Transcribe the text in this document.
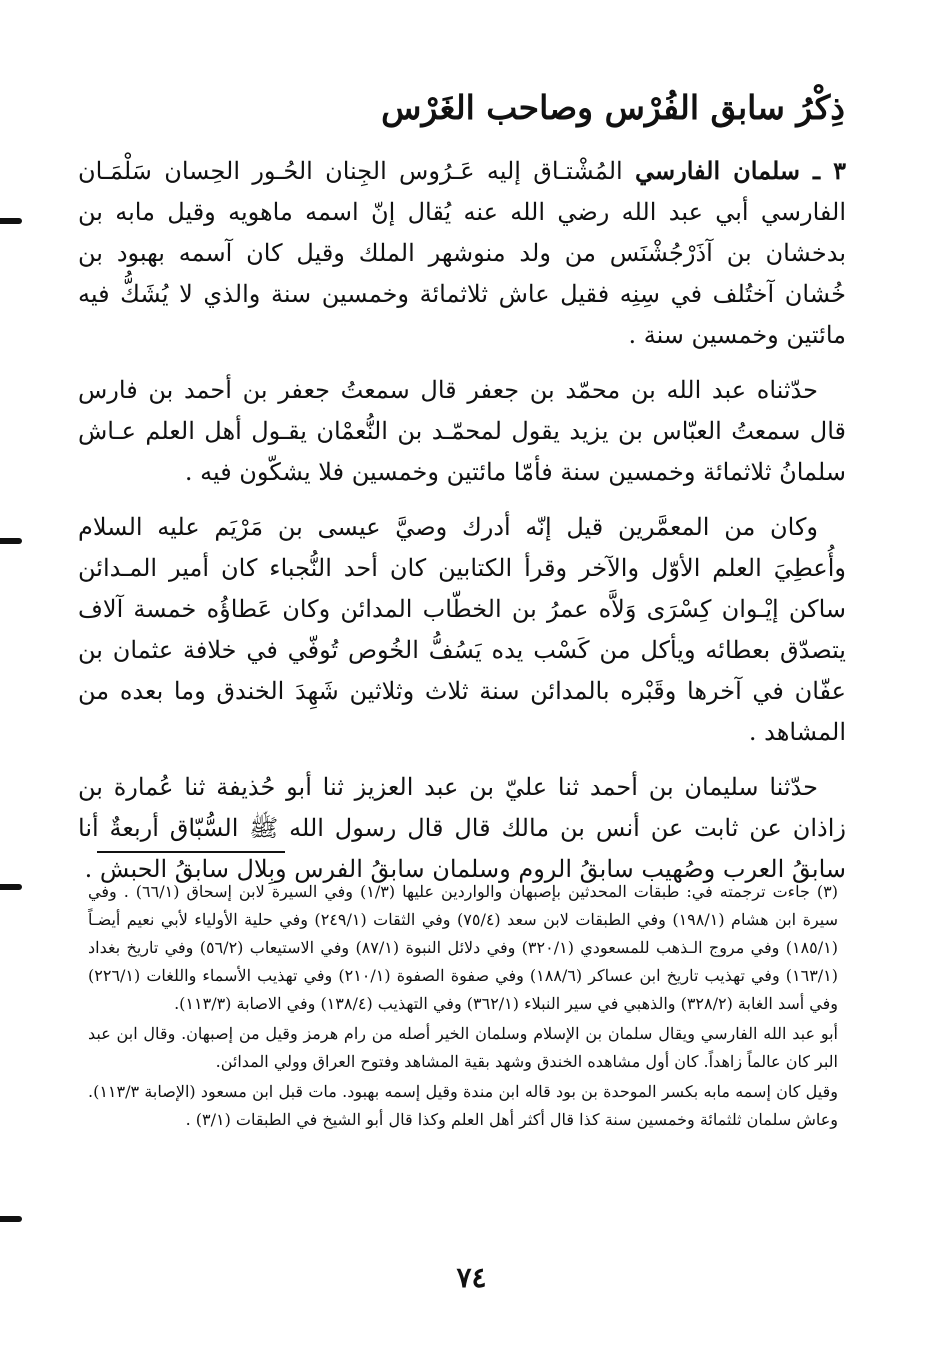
ذِكْرُ سابق الفُرْس وصاحب الغَرْس

٣ ـ سلمان الفارسي المُشْتـاق إليه عَـرُوس الجِنان الحُـور الحِسان سَلْمَـان الفارسي أبي عبد الله رضي الله عنه يُقال إنّ اسمه ماهويه وقيل مابه بن بدخشان بن آذَرْجُشْنَس من ولد منوشهر الملك وقيل كان آسمه بهبود بن خُشان آختُلف في سِنِه فقيل عاش ثلاثمائة وخمسين سنة والذي لا يُشَكُّ فيه مائتين وخمسين سنة .

حدّثناه عبد الله بن محمّد بن جعفر قال سمعتُ جعفر بن أحمد بن فارس قال سمعتُ العبّاس بن يزيد يقول لمحمّـد بن النُّعمْان يقـول أهل العلم عـاش سلمانُ ثلاثمائة وخمسين سنة فأمّا مائتين وخمسين فلا يشكّون فيه .

وكان من المعمَّرين قيل إنّه أدرك وصيَّ عيسى بن مَرْيَم عليه السلام وأُعطِيَ العلم الأوّل والآخر وقرأ الكتابين كان أحد النُّجباء كان أمير المـدائن ساكن إيْـوان كِسْرَى وَلاَّه عمرُ بن الخطّاب المدائن وكان عَطاؤُه خمسة آلاف يتصدّق بعطائه ويأكل من كَسْب يده يَسُفُّ الخُوص تُوفّي في خلافة عثمان بن عفّان في آخرها وقَبْره بالمدائن سنة ثلاث وثلاثين شَهِدَ الخندق وما بعده من المشاهد .

حدّثنا سليمان بن أحمد ثنا عليّ بن عبد العزيز ثنا أبو حُذيفة ثنا عُمارة بن زاذان عن ثابت عن أنس بن مالك قال قال رسول الله ﷺ السُّبّاق أربعةٌ أنا سابقُ العرب وصُهيب سابقُ الروم وسلمان سابقُ الفرس وبِلال سابقُ الحبش .

(٣) جاءت ترجمته في: طبقات المحدثين بإصبهان والواردين عليها (١/٣) وفي السيرة لابن إسحاق (٦٦/١) . وفي سيرة ابن هشام (١٩٨/١) وفي الطبقات لابن سعد (٧٥/٤) وفي الثقات (٢٤٩/١) وفي حلية الأولياء لأبي نعيم أيضـاً (١٨٥/١) وفي مروج الـذهب للمسعودي (٣٢٠/١) وفي دلائل النبوة (٨٧/١) وفي الاستيعاب (٥٦/٢) وفي تاريخ بغداد (١٦٣/١) وفي تهذيب تاريخ ابن عساكر (١٨٨/٦) وفي صفوة الصفوة (٢١٠/١) وفي تهذيب الأسماء واللغات (٢٢٦/١) وفي أسد الغابة (٣٢٨/٢) والذهبي في سير النبلاء (٣٦٢/١) وفي التهذيب (١٣٨/٤) وفي الاصابة (١١٣/٣).

أبو عبد الله الفارسي ويقال سلمان بن الإسلام وسلمان الخير أصله من رام هرمز وقيل من إصبهان. وقال ابن عبد البر كان عالماً زاهداً. كان أول مشاهده الخندق وشهد بقية المشاهد وفتوح العراق وولي المدائن.

وقيل كان إسمه مابه بكسر الموحدة بن بود قاله ابن مندة وقيل إسمه بهبود. مات قبل ابن مسعود (الإصابة ١١٣/٣). وعاش سلمان ثلثمائة وخمسين سنة كذا قال أكثر أهل العلم وكذا قال أبو الشيخ في الطبقات (٣/١) .

٧٤
